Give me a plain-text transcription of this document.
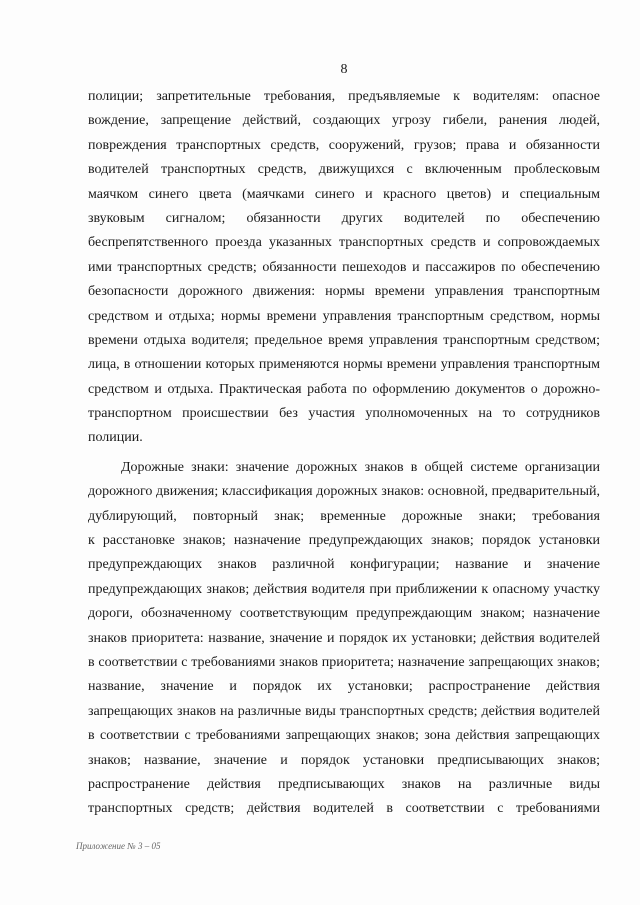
8
полиции; запретительные требования, предъявляемые к водителям: опасное
вождение, запрещение действий, создающих угрозу гибели, ранения людей,
повреждения транспортных средств, сооружений, грузов; права и обязанности
водителей транспортных средств, движущихся с включенным проблесковым
маячком синего цвета (маячками синего и красного цветов) и специальным
звуковым сигналом; обязанности других водителей по обеспечению
беспрепятственного проезда указанных транспортных средств и сопровождаемых
ими транспортных средств; обязанности пешеходов и пассажиров по обеспечению
безопасности дорожного движения: нормы времени управления транспортным
средством и отдыха; нормы времени управления транспортным средством, нормы
времени отдыха водителя; предельное время управления транспортным средством;
лица, в отношении которых применяются нормы времени управления транспортным
средством и отдыха. Практическая работа по оформлению документов о дорожно-
транспортном происшествии без участия уполномоченных на то сотрудников
полиции.
Дорожные знаки: значение дорожных знаков в общей системе организации
дорожного движения; классификация дорожных знаков: основной, предварительный,
дублирующий, повторный знак; временные дорожные знаки; требования
к расстановке знаков; назначение предупреждающих знаков; порядок установки
предупреждающих знаков различной конфигурации; название и значение
предупреждающих знаков; действия водителя при приближении к опасному участку
дороги, обозначенному соответствующим предупреждающим знаком; назначение
знаков приоритета: название, значение и порядок их установки; действия водителей
в соответствии с требованиями знаков приоритета; назначение запрещающих знаков;
название, значение и порядок их установки; распространение действия
запрещающих знаков на различные виды транспортных средств; действия водителей
в соответствии с требованиями запрещающих знаков; зона действия запрещающих
знаков; название, значение и порядок установки предписывающих знаков;
распространение действия предписывающих знаков на различные виды
транспортных средств; действия водителей в соответствии с требованиями
Приложение № 3 – 05
